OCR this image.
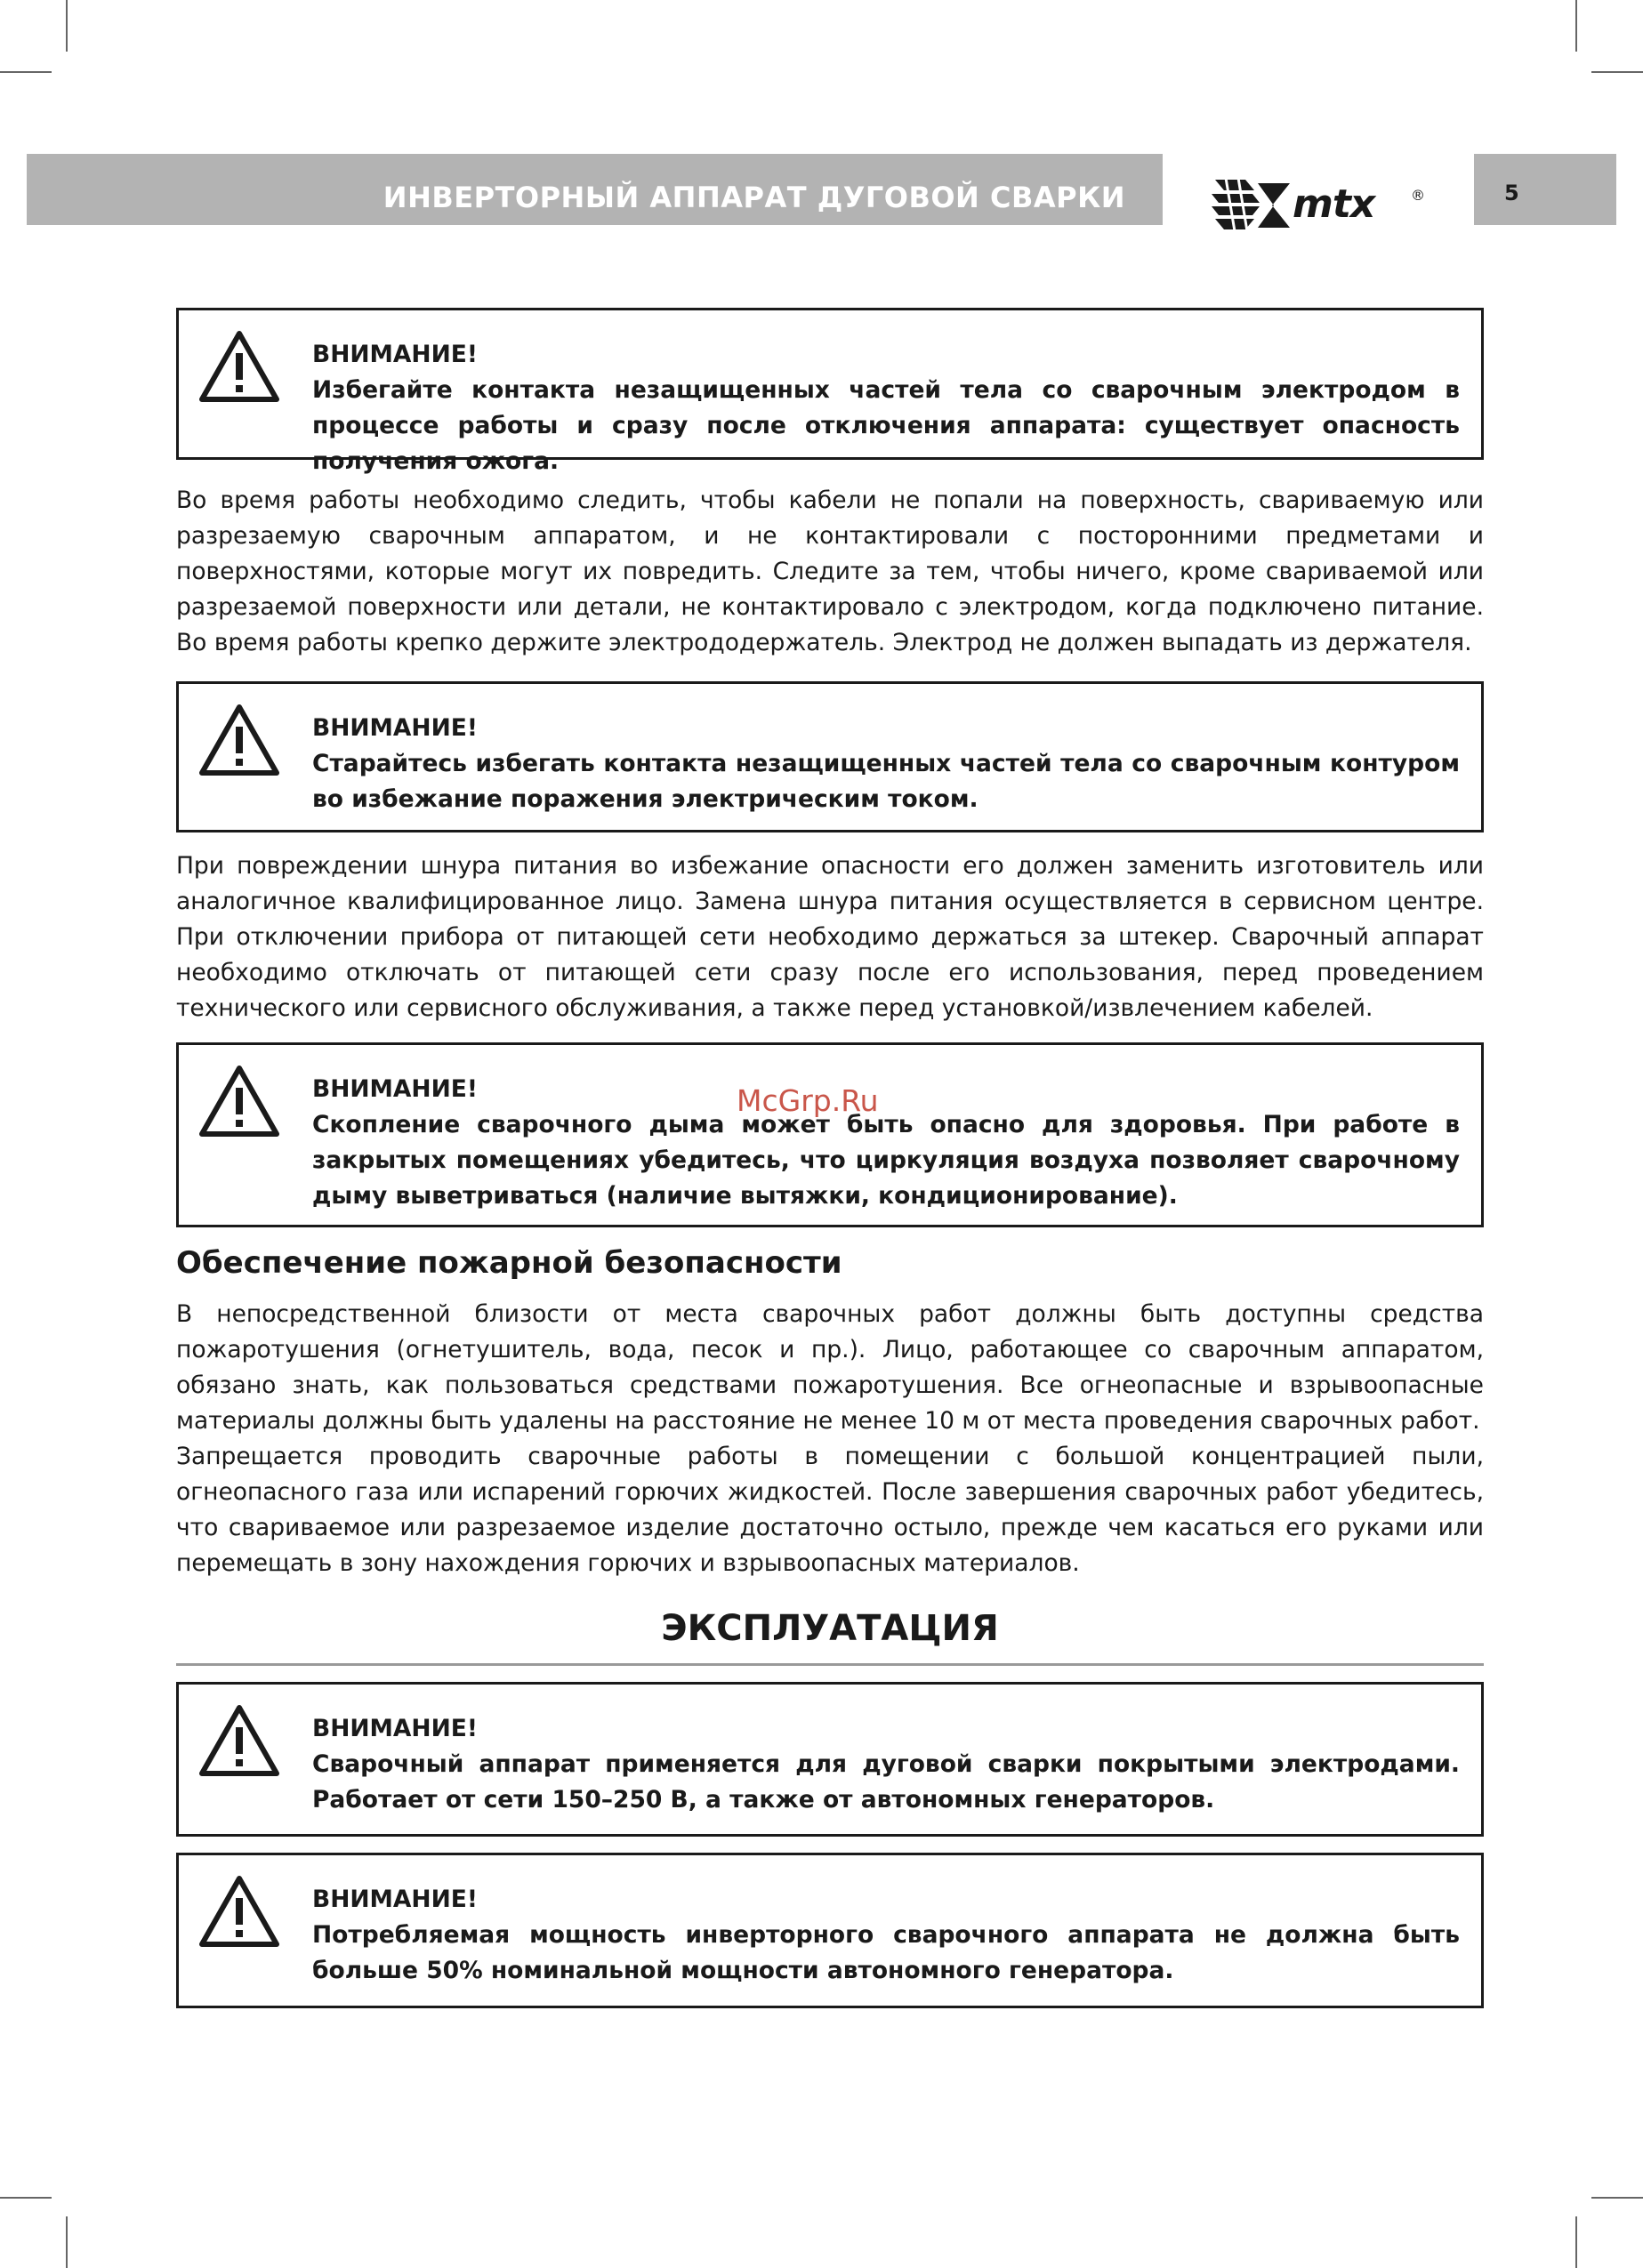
ИНВЕРТОРНЫЙ АППАРАТ ДУГОВОЙ СВАРКИ	mtx	®	5
ВНИМАНИЕ!
Избегайте контакта незащищенных частей тела со сварочным электродом в процессе работы и сразу после отключения аппарата: существует опасность получения ожога.

Во время работы необходимо следить, чтобы кабели не попали на поверхность, свариваемую или разрезаемую сварочным аппаратом, и не контактировали с посторонними предметами и поверхностями, которые могут их повредить. Следите за тем, чтобы ничего, кроме свариваемой или разрезаемой поверхности или детали, не контактировало с электродом, когда подключено питание. Во время работы крепко держите электрододержатель. Электрод не должен выпадать из держателя.

ВНИМАНИЕ!
Старайтесь избегать контакта незащищенных частей тела со сварочным контуром во избежание поражения электрическим током.

При повреждении шнура питания во избежание опасности его должен заменить изготовитель или аналогичное квалифицированное лицо. Замена шнура питания осуществляется в сервисном центре. При отключении прибора от питающей сети необходимо держаться за штекер. Сварочный аппарат необходимо отключать от питающей сети сразу после его использования, перед проведением технического или сервисного обслуживания, а также перед установкой/извлечением кабелей.

ВНИМАНИЕ!
Скопление сварочного дыма может быть опасно для здоровья. При работе в закрытых помещениях убедитесь, что циркуляция воздуха позволяет сварочному дыму выветриваться (наличие вытяжки, кондиционирование).
McGrp.Ru
Обеспечение пожарной безопасности

В непосредственной близости от места сварочных работ должны быть доступны средства пожаротушения (огнетушитель, вода, песок и пр.). Лицо, работающее со сварочным аппаратом, обязано знать, как пользоваться средствами пожаротушения. Все огнеопасные и взрывоопасные материалы должны быть удалены на расстояние не менее 10 м от места проведения сварочных работ.

Запрещается проводить сварочные работы в помещении с большой концентрацией пыли, огнеопасного газа или испарений горючих жидкостей. После завершения сварочных работ убедитесь, что свариваемое или разрезаемое изделие достаточно остыло, прежде чем касаться его руками или перемещать в зону нахождения горючих и взрывоопасных материалов.

ЭКСПЛУАТАЦИЯ
ВНИМАНИЕ!
Сварочный аппарат применяется для дуговой сварки покрытыми электродами. Работает от сети 150–250 В, а также от автономных генераторов.
ВНИМАНИЕ!
Потребляемая мощность инверторного сварочного аппарата не должна быть больше 50% номинальной мощности автономного генератора.
